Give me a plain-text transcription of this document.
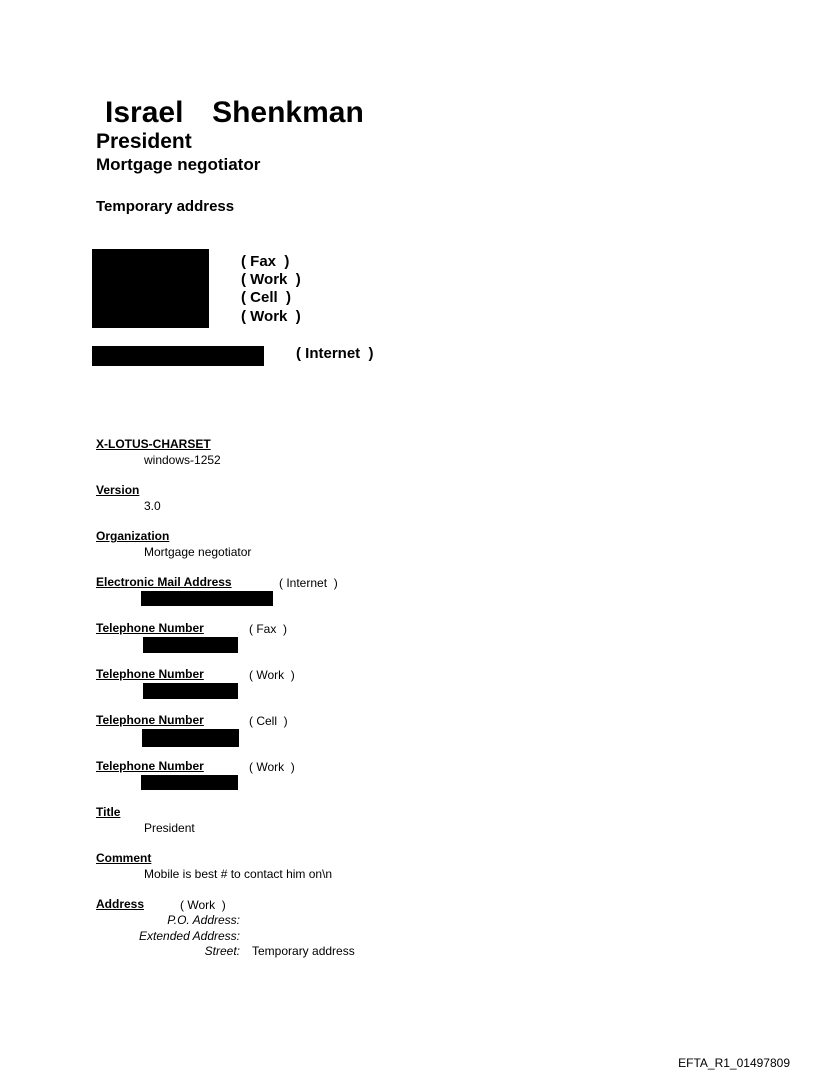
Israel  Shenkman
President
Mortgage negotiator
Temporary address
( Fax  )
( Work  )
( Cell  )
( Work  )
( Internet  )
X-LOTUS-CHARSET
windows-1252
Version
3.0
Organization
Mortgage negotiator
Electronic Mail Address	( Internet  )
Telephone Number	( Fax  )
Telephone Number	( Work  )
Telephone Number	( Cell  )
Telephone Number	( Work  )
Title
President
Comment
Mobile is best # to contact him on\n
Address	( Work  )
P.O. Address:
Extended Address:
Street: Temporary address
EFTA_R1_01497809
